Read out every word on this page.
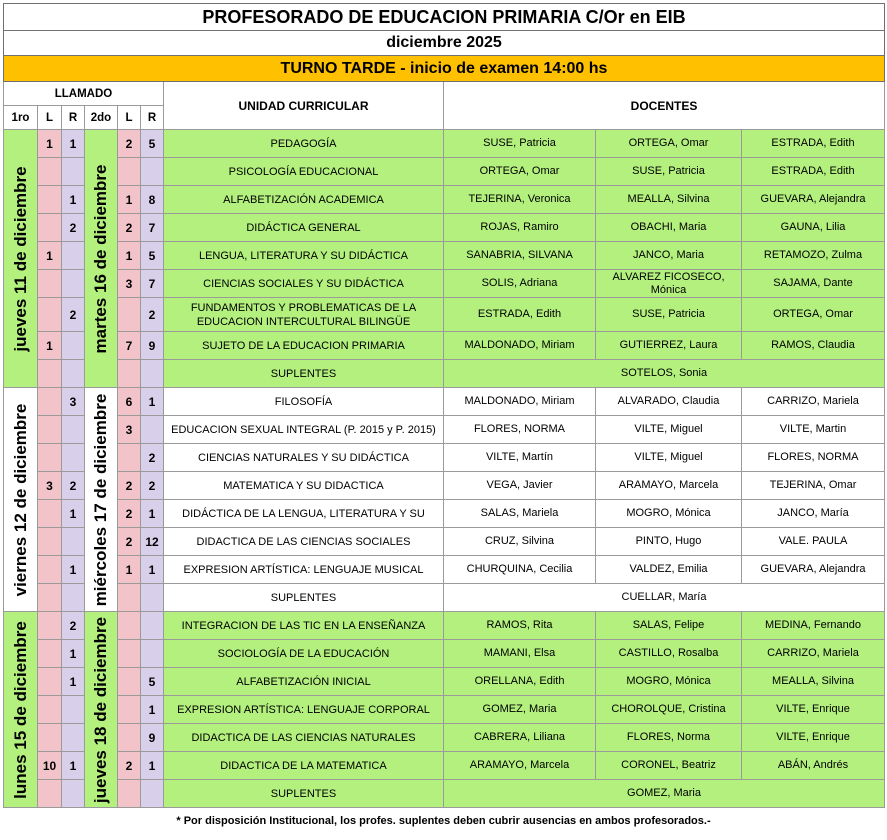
PROFESORADO DE EDUCACION PRIMARIA C/Or en EIB									
diciembre 2025									
TURNO TARDE - inicio de examen 14:00 hs									
LLAMADO						UNIDAD CURRICULAR	DOCENTES		
1ro	L	R	2do	L	R				

jueves 11 de diciembre	1	1	martes 16 de diciembre	2	5	PEDAGOGÍA	SUSE, Patricia	ORTEGA, Omar	ESTRADA, Edith
						PSICOLOGÍA EDUCACIONAL	ORTEGA, Omar	SUSE, Patricia	ESTRADA, Edith
		1		1	8	ALFABETIZACIÓN ACADEMICA	TEJERINA, Veronica	MEALLA, Silvina	GUEVARA, Alejandra
		2		2	7	DIDÁCTICA GENERAL	ROJAS, Ramiro	OBACHI, Maria	GAUNA, Lilia
	1			1	5	LENGUA, LITERATURA Y SU DIDÁCTICA	SANABRIA, SILVANA	JANCO, Maria	RETAMOZO, Zulma
				3	7	CIENCIAS SOCIALES Y SU DIDÁCTICA	SOLIS, Adriana	ALVAREZ FICOSECO, Mónica	SAJAMA, Dante
		2			2	FUNDAMENTOS Y PROBLEMATICAS DE LA EDUCACION INTERCULTURAL BILINGÜE	ESTRADA, Edith	SUSE, Patricia	ORTEGA, Omar
	1			7	9	SUJETO DE LA EDUCACION PRIMARIA	MALDONADO, Miriam	GUTIERREZ, Laura	RAMOS, Claudia
						SUPLENTES	SOTELOS, Sonia		

viernes 12 de diciembre		3	miércoles 17 de diciembre	6	1	FILOSOFÍA	MALDONADO, Miriam	ALVARADO, Claudia	CARRIZO, Mariela
				3		EDUCACION SEXUAL INTEGRAL (P. 2015 y P. 2015)	FLORES, NORMA	VILTE, Miguel	VILTE, Martin
					2	CIENCIAS NATURALES Y SU DIDÁCTICA	VILTE, Martín	VILTE, Miguel	FLORES, NORMA
	3	2		2	2	MATEMATICA Y SU DIDACTICA	VEGA, Javier	ARAMAYO, Marcela	TEJERINA, Omar
		1		2	1	DIDÁCTICA DE LA LENGUA, LITERATURA Y SU	SALAS, Mariela	MOGRO, Mónica	JANCO, María
				2	12	DIDACTICA DE LAS CIENCIAS SOCIALES	CRUZ, Silvina	PINTO, Hugo	VALE. PAULA
		1		1	1	EXPRESION ARTÍSTICA: LENGUAJE MUSICAL	CHURQUINA, Cecilia	VALDEZ, Emilia	GUEVARA, Alejandra
						SUPLENTES	CUELLAR, María		

lunes 15 de diciembre		2	jueves 18 de diciembre			INTEGRACION DE LAS TIC EN LA ENSEÑANZA	RAMOS, Rita	SALAS, Felipe	MEDINA, Fernando
		1				SOCIOLOGÍA DE LA EDUCACIÓN	MAMANI, Elsa	CASTILLO, Rosalba	CARRIZO, Mariela
		1			5	ALFABETIZACIÓN INICIAL	ORELLANA, Edith	MOGRO, Mónica	MEALLA, Silvina
					1	EXPRESION ARTÍSTICA: LENGUAJE CORPORAL	GOMEZ, Maria	CHOROLQUE, Cristina	VILTE, Enrique
					9	DIDACTICA DE LAS CIENCIAS NATURALES	CABRERA, Liliana	FLORES, Norma	VILTE, Enrique
	10	1		2	1	DIDACTICA DE LA MATEMATICA	ARAMAYO, Marcela	CORONEL, Beatriz	ABÁN, Andrés
						SUPLENTES	GOMEZ, Maria		
* Por disposición Institucional, los profes. suplentes deben cubrir ausencias en ambos profesorados.-
